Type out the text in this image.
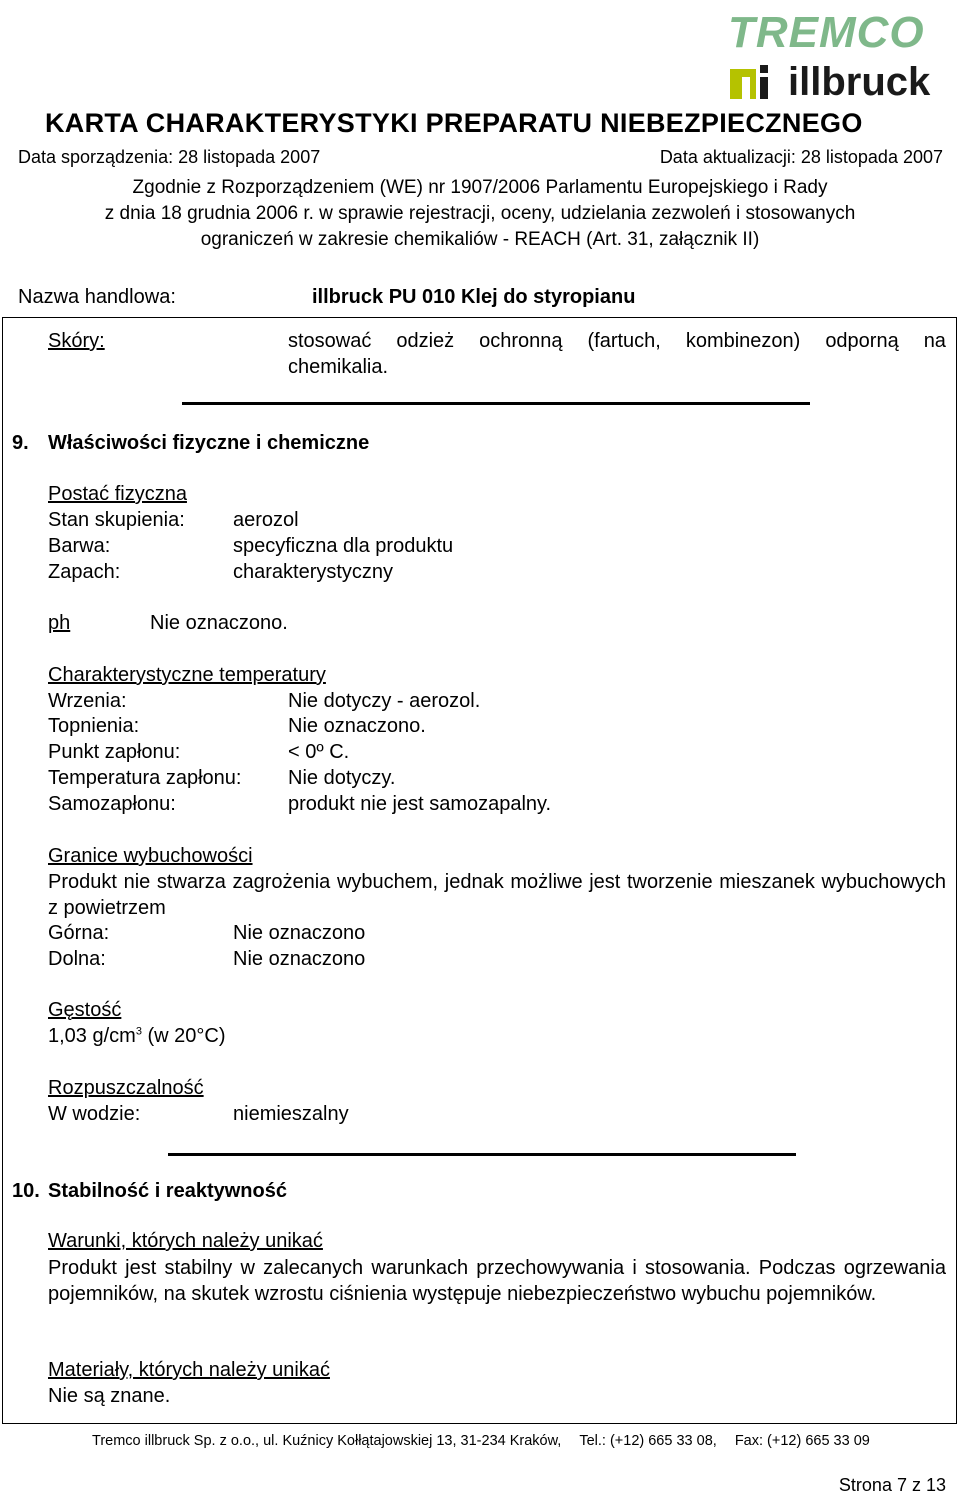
TREMCO
illbruck
KARTA CHARAKTERYSTYKI PREPARATU NIEBEZPIECZNEGO
Data sporządzenia: 28 listopada 2007	Data aktualizacji: 28 listopada 2007
Zgodnie z Rozporządzeniem (WE) nr 1907/2006 Parlamentu Europejskiego i Rady
z dnia 18 grudnia 2006 r. w sprawie rejestracji, oceny, udzielania zezwoleń i stosowanych
ograniczeń w zakresie chemikaliów - REACH (Art. 31, załącznik II)
Nazwa handlowa:	illbruck PU 010 Klej do styropianu
Skóry:	stosować odzież ochronną (fartuch, kombinezon) odporną na
chemikalia.
9. Właściwości fizyczne i chemiczne
Postać fizyczna
Stan skupienia: aerozol
Barwa:	specyficzna dla produktu
Zapach:	charakterystyczny
ph	Nie oznaczono.
Charakterystyczne temperatury
Wrzenia:	Nie dotyczy - aerozol.
Topnienia:	Nie oznaczono.
Punkt zapłonu:	< 0º C.
Temperatura zapłonu: Nie dotyczy.
Samozapłonu:	produkt nie jest samozapalny.
Granice wybuchowości
Produkt nie stwarza zagrożenia wybuchem, jednak możliwe jest tworzenie mieszanek wybuchowych z powietrzem
Górna:	Nie oznaczono
Dolna:	Nie oznaczono
Gęstość
1,03 $g/cm^3$ (w 20°C)
Rozpuszczalność
W wodzie:	niemieszalny
10. Stabilność i reaktywność
Warunki, których należy unikać
Produkt jest stabilny w zalecanych warunkach przechowywania i stosowania. Podczas ogrzewania pojemników, na skutek wzrostu ciśnienia występuje niebezpieczeństwo wybuchu pojemników.
Materiały, których należy unikać
Nie są znane.
Tremco illbruck Sp. z o.o., ul. Kuźnicy Kołłątajowskiej 13, 31-234 Kraków, Tel.: (+12) 665 33 08, Fax: (+12) 665 33 09
Strona 7 z 13
